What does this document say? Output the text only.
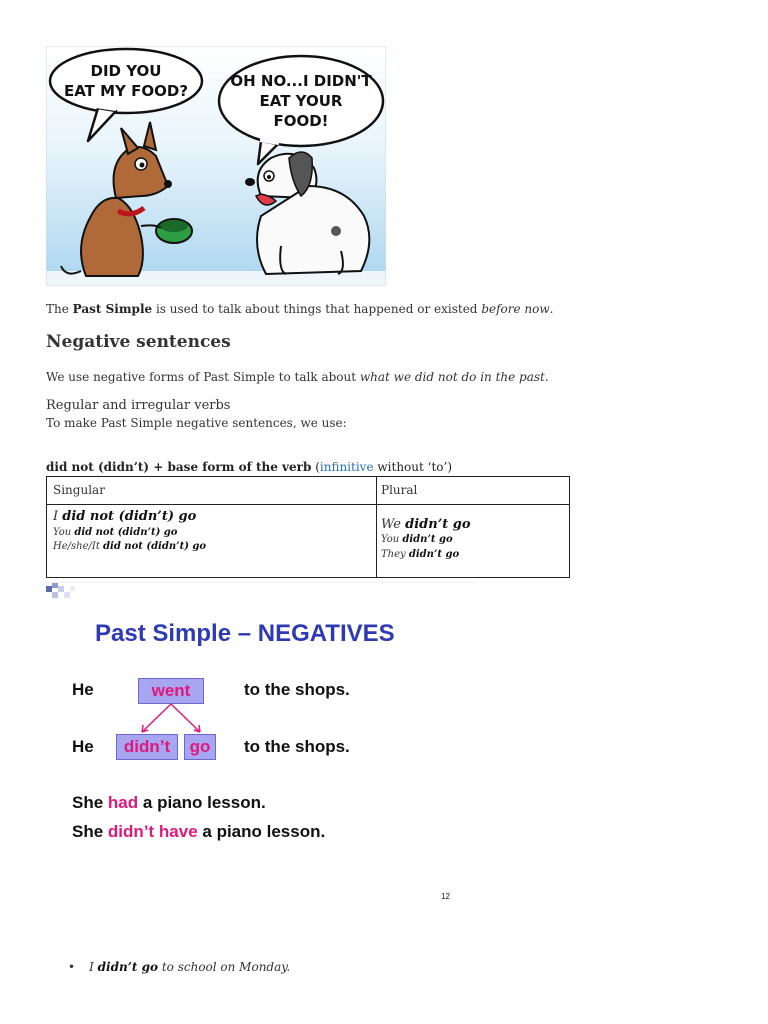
DID YOU
EAT MY FOOD?
OH NO...I DIDN'T
EAT YOUR
FOOD!
The Past Simple is used to talk about things that happened or existed before now.
Negative sentences
We use negative forms of Past Simple to talk about what we did not do in the past.
Regular and irregular verbs
To make Past Simple negative sentences, we use:
did not (didn’t) + base form of the verb (infinitive without ‘to’)
Singular	Plural
I did not (didn’t) go
You did not (didn’t) go
He/she/It did not (didn’t) go
We didn’t go
You didn’t go
They didn’t go
Past Simple – NEGATIVES
He	went	to the shops.
He	didn’t	go	to the shops.
She had a piano lesson.
She didn’t have a piano lesson.
12
• I didn’t go to school on Monday.
